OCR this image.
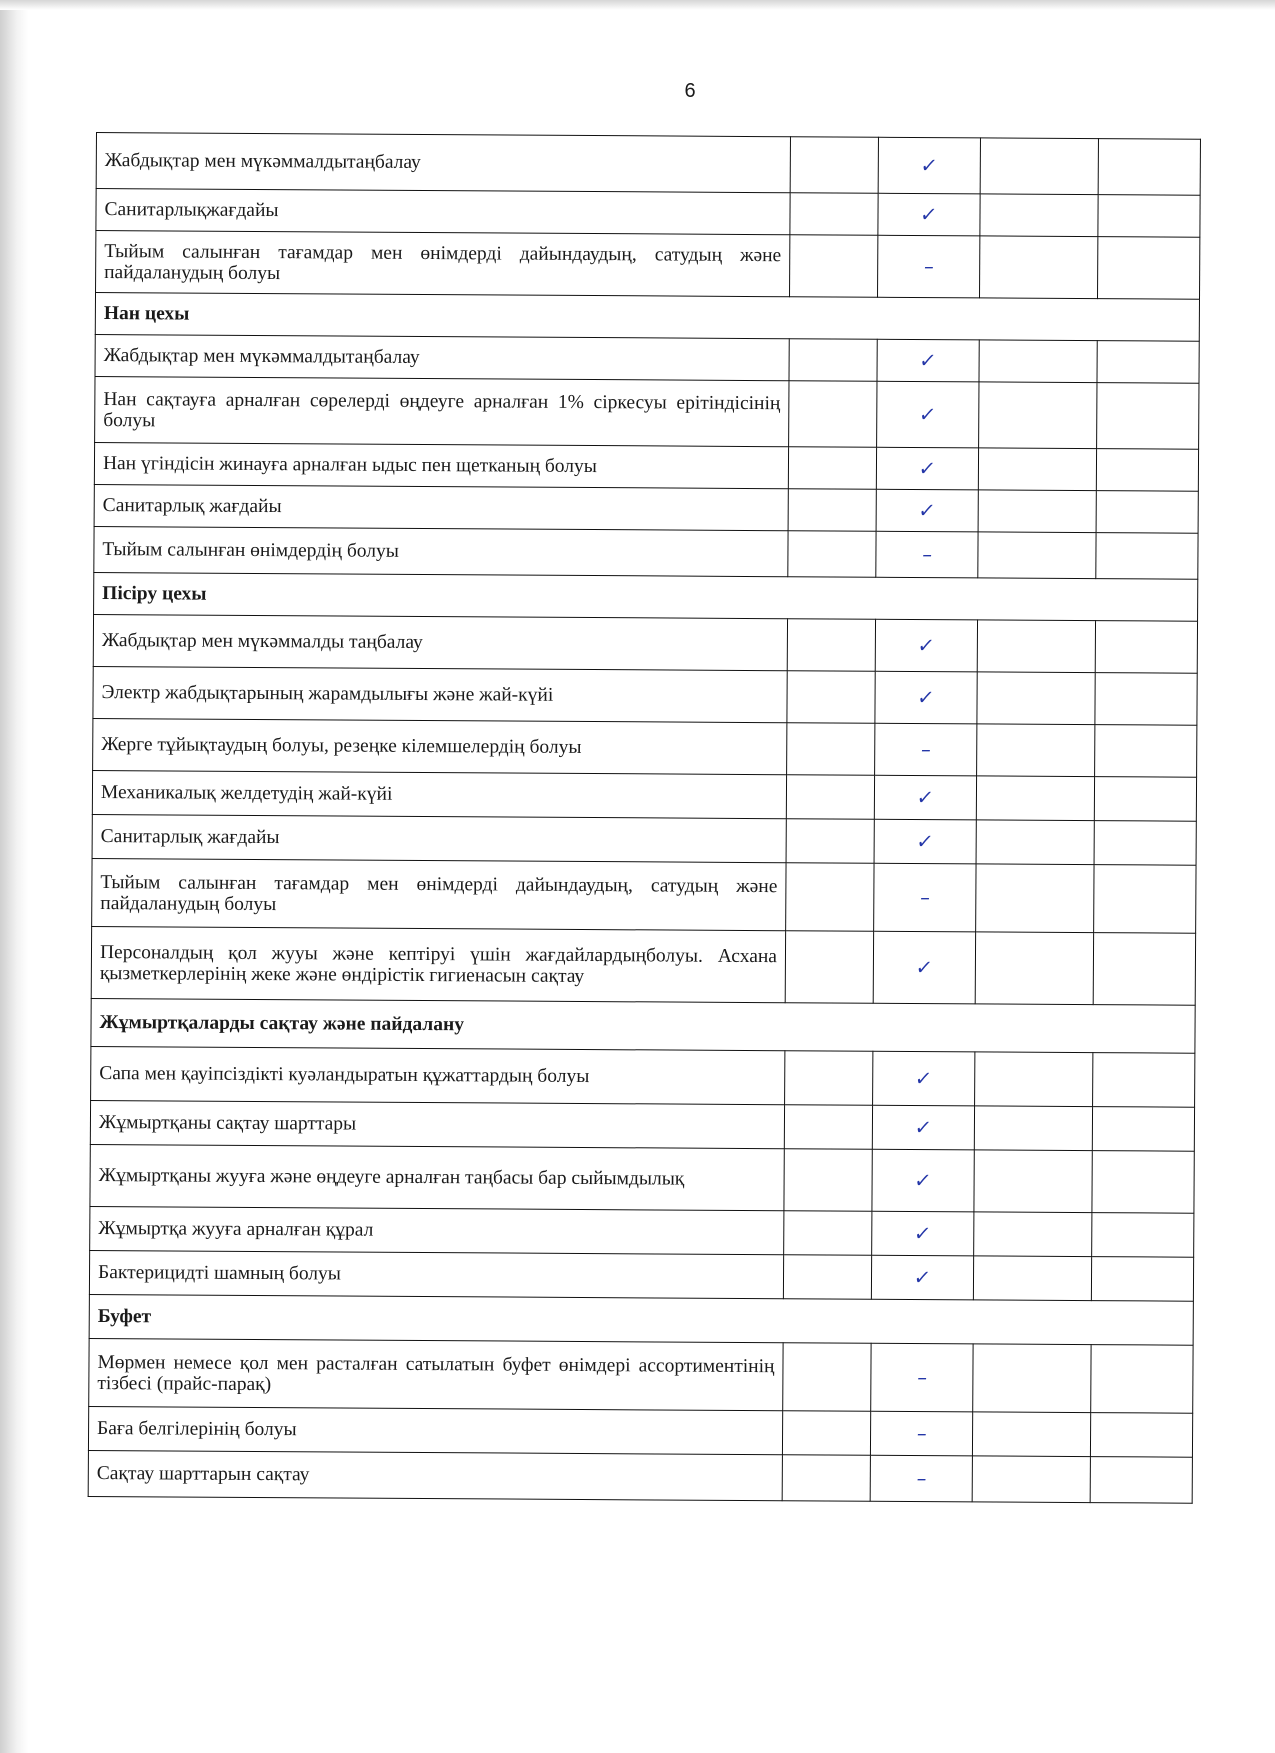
6
Жабдықтар мен мүкәммалдытаңбалау		✓		
Санитарлықжағдайы		✓		
Тыйым салынған тағамдар мен өнімдерді дайындаудың, сатудың және пайдаланудың болуы		–		
Нан цехы				
Жабдықтар мен мүкәммалдытаңбалау		✓		
Нан сақтауға арналған сөрелерді өңдеуге арналған 1% сіркесуы ерітіндісінің болуы		✓		
Нан үгіндісін жинауға арналған ыдыс пен щетканың болуы		✓		
Санитарлық жағдайы		✓		
Тыйым салынған өнімдердің болуы		–		
Пісіру цехы				
Жабдықтар мен мүкәммалды таңбалау		✓		
Электр жабдықтарының жарамдылығы және жай-күйі		✓		
Жерге тұйықтаудың болуы, резеңке кілемшелердің болуы		–		
Механикалық желдетудің жай-күйі		✓		
Санитарлық жағдайы		✓		
Тыйым салынған тағамдар мен өнімдерді дайындаудың, сатудың және пайдаланудың болуы		–		
Персоналдың қол жууы және кептіруі үшін жағдайлардыңболуы. Асхана қызметкерлерінің жеке және өндірістік гигиенасын сақтау		✓		
Жұмыртқаларды сақтау және пайдалану				
Сапа мен қауіпсіздікті куәландыратын құжаттардың болуы		✓		
Жұмыртқаны сақтау шарттары		✓		
Жұмыртқаны жууға және өңдеуге арналған таңбасы бар сыйымдылық		✓		
Жұмыртқа жууға арналған құрал		✓		
Бактерицидті шамның болуы		✓		
Буфет				
Мөрмен немесе қол мен расталған сатылатын буфет өнімдері ассортиментінің тізбесі (прайс-парақ)		–		
Баға белгілерінің болуы		–		
Сақтау шарттарын сақтау		–		
